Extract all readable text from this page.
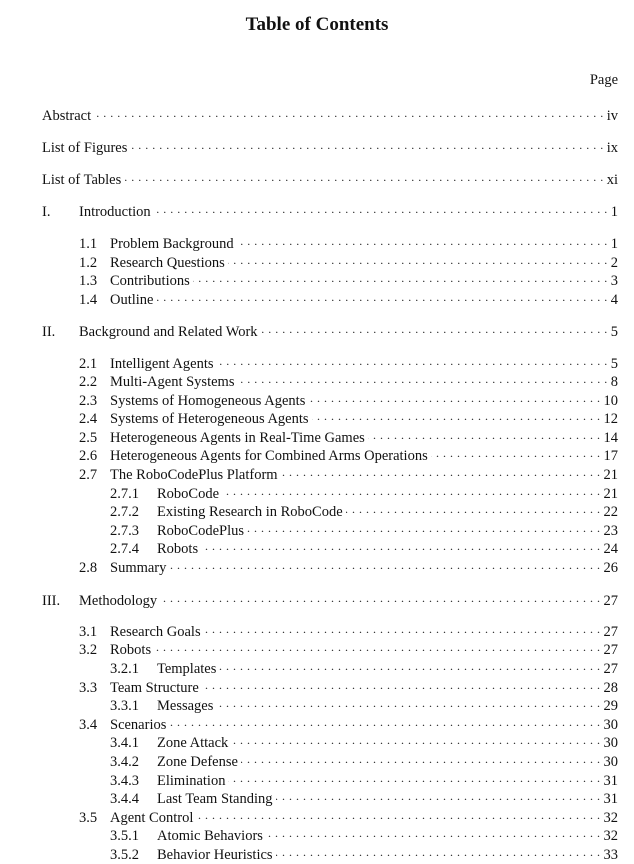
Table of Contents
Page
Abstract . . .	iv
List of Figures . . .	ix
List of Tables . . .	xi
I.	Introduction . . .	1
1.1 Problem Background . . .	1
1.2 Research Questions . . .	2
1.3 Contributions . . .	3
1.4 Outline . . .	4
II.	Background and Related Work . . .	5
2.1 Intelligent Agents . . .	5
2.2 Multi-Agent Systems . . .	8
2.3 Systems of Homogeneous Agents . . .	10
2.4 Systems of Heterogeneous Agents . . .	12
2.5 Heterogeneous Agents in Real-Time Games . . .	14
2.6 Heterogeneous Agents for Combined Arms Operations . . .	17
2.7 The RoboCodePlus Platform . . .	21
2.7.1	RoboCode . . .	21
2.7.2	Existing Research in RoboCode . . .	22
2.7.3	RoboCodePlus . . .	23
2.7.4	Robots . . .	24
2.8 Summary . . .	26
III.	Methodology . . .	27
3.1 Research Goals . . .	27
3.2 Robots . . .	27
3.2.1	Templates . . .	27
3.3 Team Structure . . .	28
3.3.1	Messages . . .	29
3.4 Scenarios . . .	30
3.4.1	Zone Attack . . .	30
3.4.2	Zone Defense . . .	30
3.4.3	Elimination . . .	31
3.4.4	Last Team Standing . . .	31
3.5 Agent Control . . .	32
3.5.1	Atomic Behaviors . . .	32
3.5.2	Behavior Heuristics . . .	33
